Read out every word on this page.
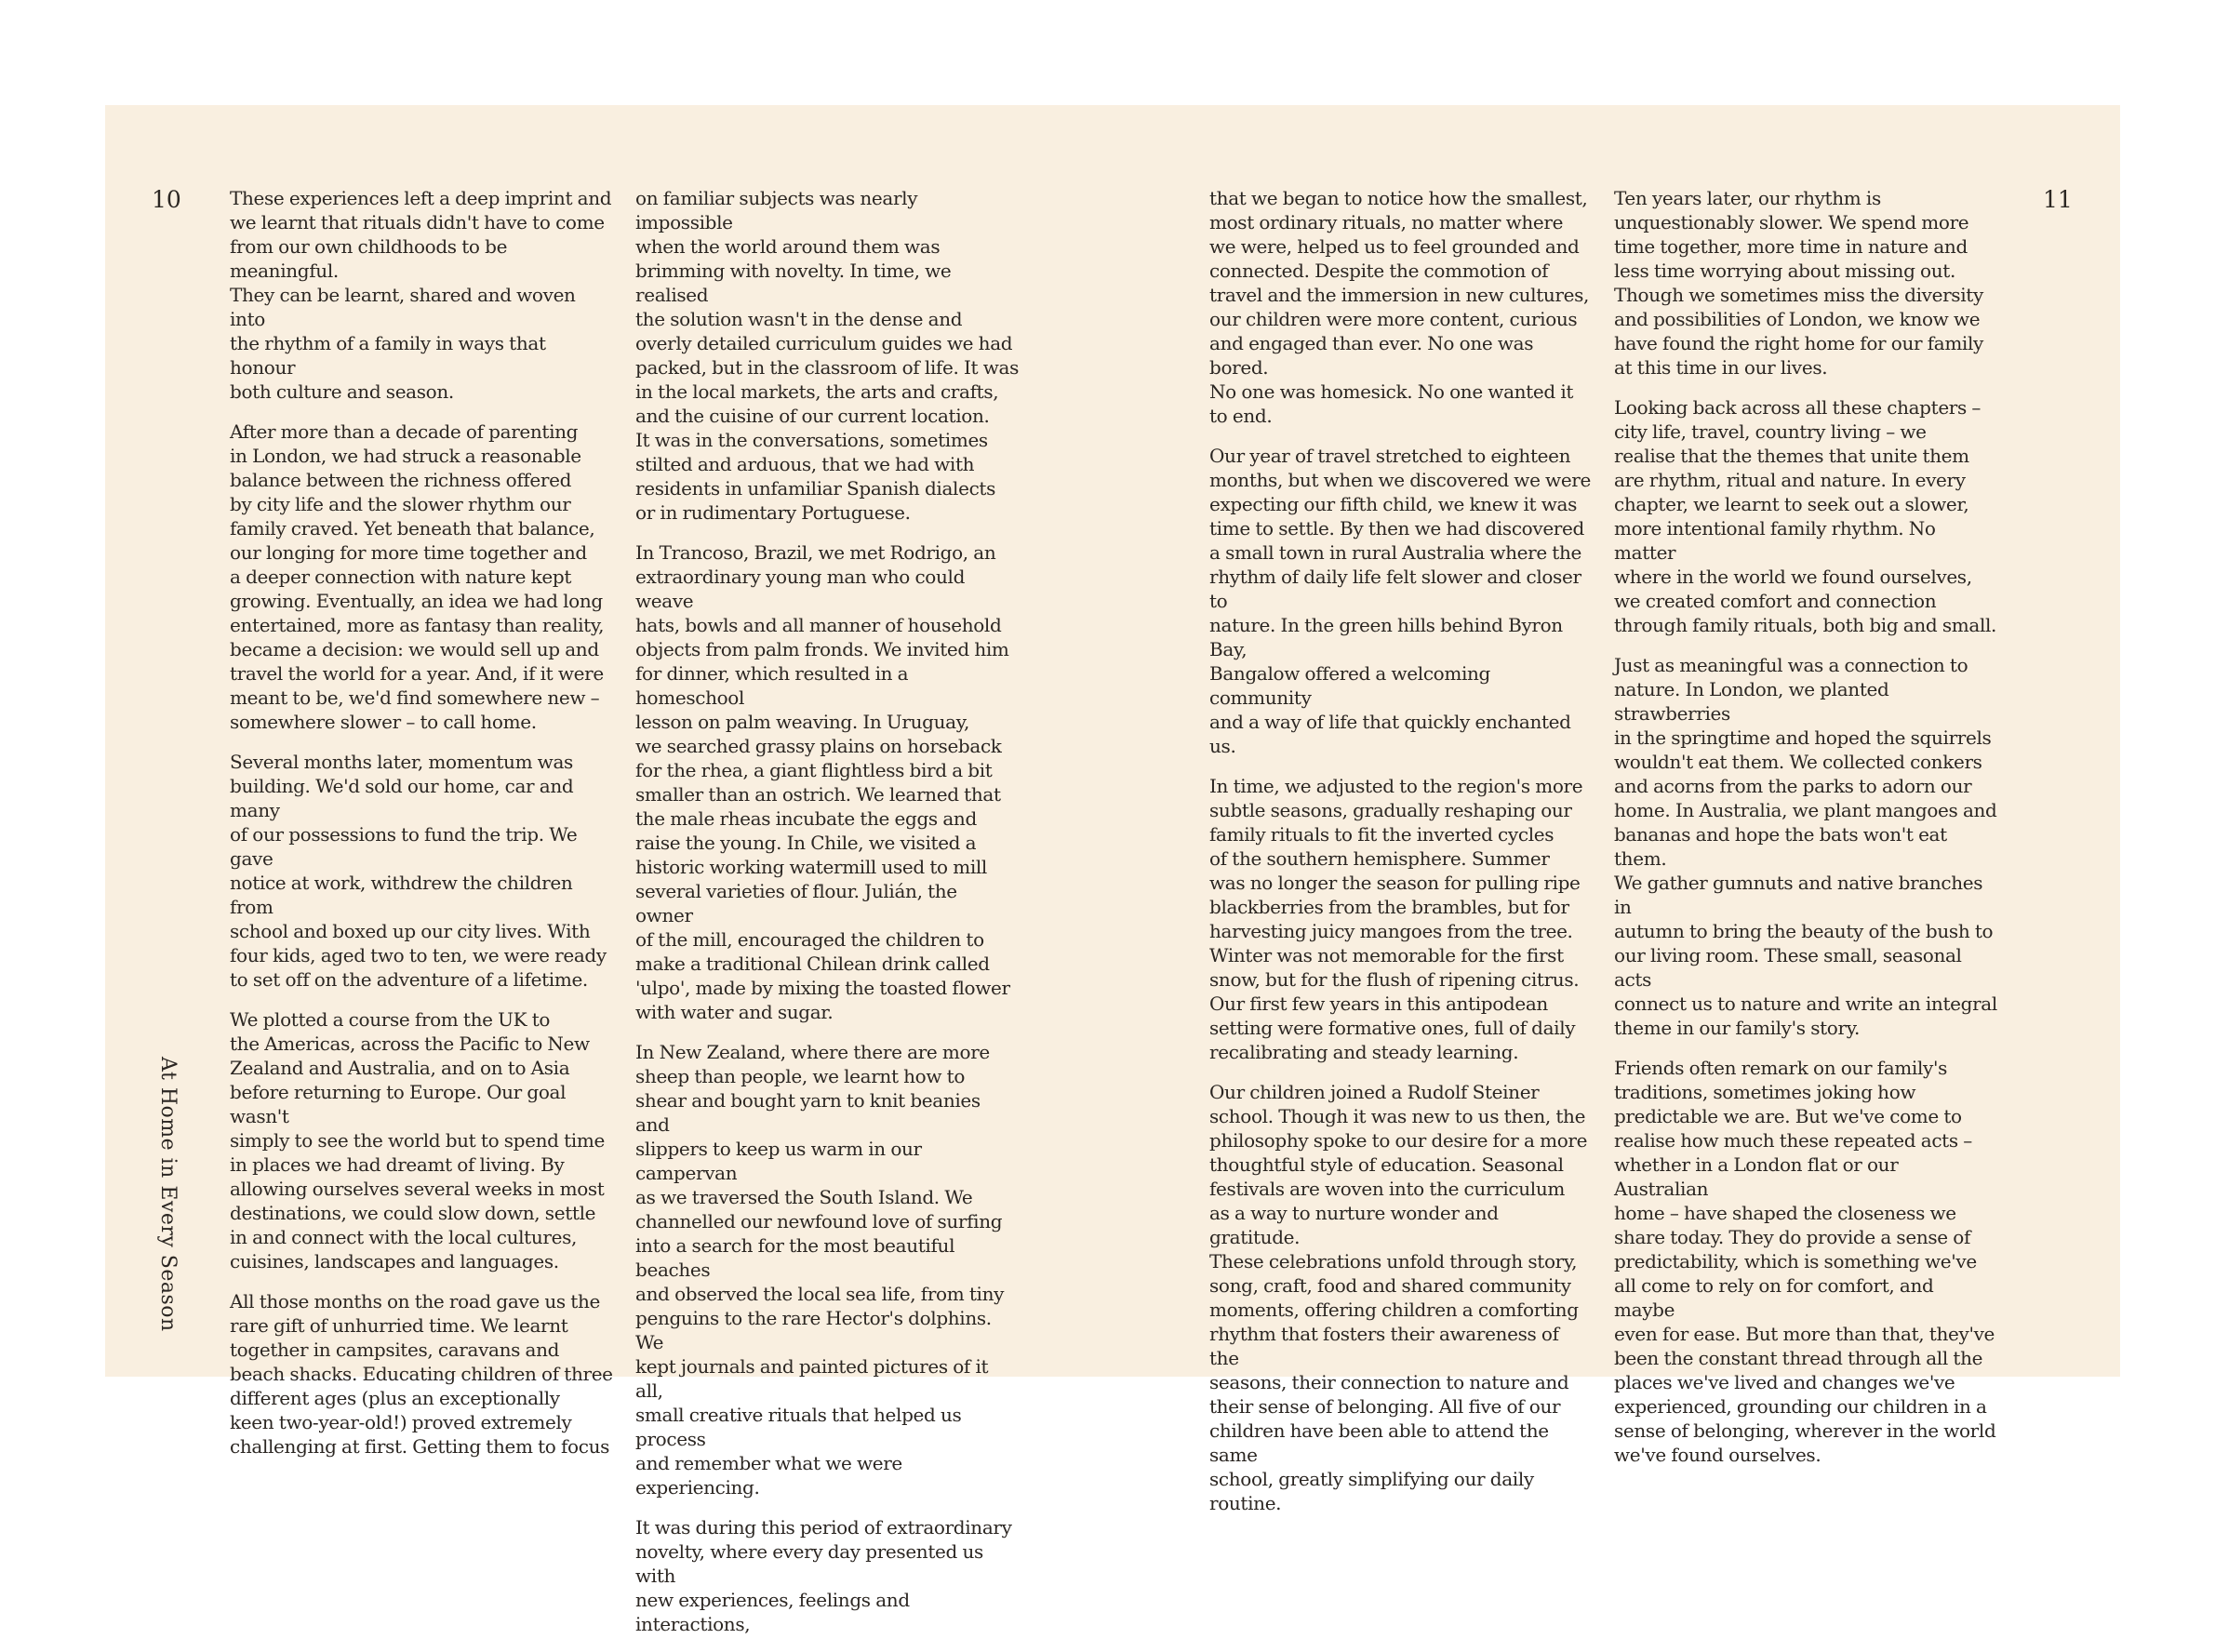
10	11
At Home in Every Season

These experiences left a deep imprint and
we learnt that rituals didn't have to come
from our own childhoods to be meaningful.
They can be learnt, shared and woven into
the rhythm of a family in ways that honour
both culture and season.

After more than a decade of parenting
in London, we had struck a reasonable
balance between the richness offered
by city life and the slower rhythm our
family craved. Yet beneath that balance,
our longing for more time together and
a deeper connection with nature kept
growing. Eventually, an idea we had long
entertained, more as fantasy than reality,
became a decision: we would sell up and
travel the world for a year. And, if it were
meant to be, we'd find somewhere new –
somewhere slower – to call home.

Several months later, momentum was
building. We'd sold our home, car and many
of our possessions to fund the trip. We gave
notice at work, withdrew the children from
school and boxed up our city lives. With
four kids, aged two to ten, we were ready
to set off on the adventure of a lifetime.

We plotted a course from the UK to
the Americas, across the Pacific to New
Zealand and Australia, and on to Asia
before returning to Europe. Our goal wasn't
simply to see the world but to spend time
in places we had dreamt of living. By
allowing ourselves several weeks in most
destinations, we could slow down, settle
in and connect with the local cultures,
cuisines, landscapes and languages.

All those months on the road gave us the
rare gift of unhurried time. We learnt
together in campsites, caravans and
beach shacks. Educating children of three
different ages (plus an exceptionally
keen two-year-old!) proved extremely
challenging at first. Getting them to focus

on familiar subjects was nearly impossible
when the world around them was
brimming with novelty. In time, we realised
the solution wasn't in the dense and
overly detailed curriculum guides we had
packed, but in the classroom of life. It was
in the local markets, the arts and crafts,
and the cuisine of our current location.
It was in the conversations, sometimes
stilted and arduous, that we had with
residents in unfamiliar Spanish dialects
or in rudimentary Portuguese.

In Trancoso, Brazil, we met Rodrigo, an
extraordinary young man who could weave
hats, bowls and all manner of household
objects from palm fronds. We invited him
for dinner, which resulted in a homeschool
lesson on palm weaving. In Uruguay,
we searched grassy plains on horseback
for the rhea, a giant flightless bird a bit
smaller than an ostrich. We learned that
the male rheas incubate the eggs and
raise the young. In Chile, we visited a
historic working watermill used to mill
several varieties of flour. Julián, the owner
of the mill, encouraged the children to
make a traditional Chilean drink called
'ulpo', made by mixing the toasted flower
with water and sugar.

In New Zealand, where there are more
sheep than people, we learnt how to
shear and bought yarn to knit beanies and
slippers to keep us warm in our campervan
as we traversed the South Island. We
channelled our newfound love of surfing
into a search for the most beautiful beaches
and observed the local sea life, from tiny
penguins to the rare Hector's dolphins. We
kept journals and painted pictures of it all,
small creative rituals that helped us process
and remember what we were experiencing.

It was during this period of extraordinary
novelty, where every day presented us with
new experiences, feelings and interactions,

that we began to notice how the smallest,
most ordinary rituals, no matter where
we were, helped us to feel grounded and
connected. Despite the commotion of
travel and the immersion in new cultures,
our children were more content, curious
and engaged than ever. No one was bored.
No one was homesick. No one wanted it
to end.

Our year of travel stretched to eighteen
months, but when we discovered we were
expecting our fifth child, we knew it was
time to settle. By then we had discovered
a small town in rural Australia where the
rhythm of daily life felt slower and closer to
nature. In the green hills behind Byron Bay,
Bangalow offered a welcoming community
and a way of life that quickly enchanted us.

In time, we adjusted to the region's more
subtle seasons, gradually reshaping our
family rituals to fit the inverted cycles
of the southern hemisphere. Summer
was no longer the season for pulling ripe
blackberries from the brambles, but for
harvesting juicy mangoes from the tree.
Winter was not memorable for the first
snow, but for the flush of ripening citrus.
Our first few years in this antipodean
setting were formative ones, full of daily
recalibrating and steady learning.

Our children joined a Rudolf Steiner
school. Though it was new to us then, the
philosophy spoke to our desire for a more
thoughtful style of education. Seasonal
festivals are woven into the curriculum
as a way to nurture wonder and gratitude.
These celebrations unfold through story,
song, craft, food and shared community
moments, offering children a comforting
rhythm that fosters their awareness of the
seasons, their connection to nature and
their sense of belonging. All five of our
children have been able to attend the same
school, greatly simplifying our daily routine.

Ten years later, our rhythm is
unquestionably slower. We spend more
time together, more time in nature and
less time worrying about missing out.
Though we sometimes miss the diversity
and possibilities of London, we know we
have found the right home for our family
at this time in our lives.

Looking back across all these chapters –
city life, travel, country living – we
realise that the themes that unite them
are rhythm, ritual and nature. In every
chapter, we learnt to seek out a slower,
more intentional family rhythm. No matter
where in the world we found ourselves,
we created comfort and connection
through family rituals, both big and small.

Just as meaningful was a connection to
nature. In London, we planted strawberries
in the springtime and hoped the squirrels
wouldn't eat them. We collected conkers
and acorns from the parks to adorn our
home. In Australia, we plant mangoes and
bananas and hope the bats won't eat them.
We gather gumnuts and native branches in
autumn to bring the beauty of the bush to
our living room. These small, seasonal acts
connect us to nature and write an integral
theme in our family's story.

Friends often remark on our family's
traditions, sometimes joking how
predictable we are. But we've come to
realise how much these repeated acts –
whether in a London flat or our Australian
home – have shaped the closeness we
share today. They do provide a sense of
predictability, which is something we've
all come to rely on for comfort, and maybe
even for ease. But more than that, they've
been the constant thread through all the
places we've lived and changes we've
experienced, grounding our children in a
sense of belonging, wherever in the world
we've found ourselves.
